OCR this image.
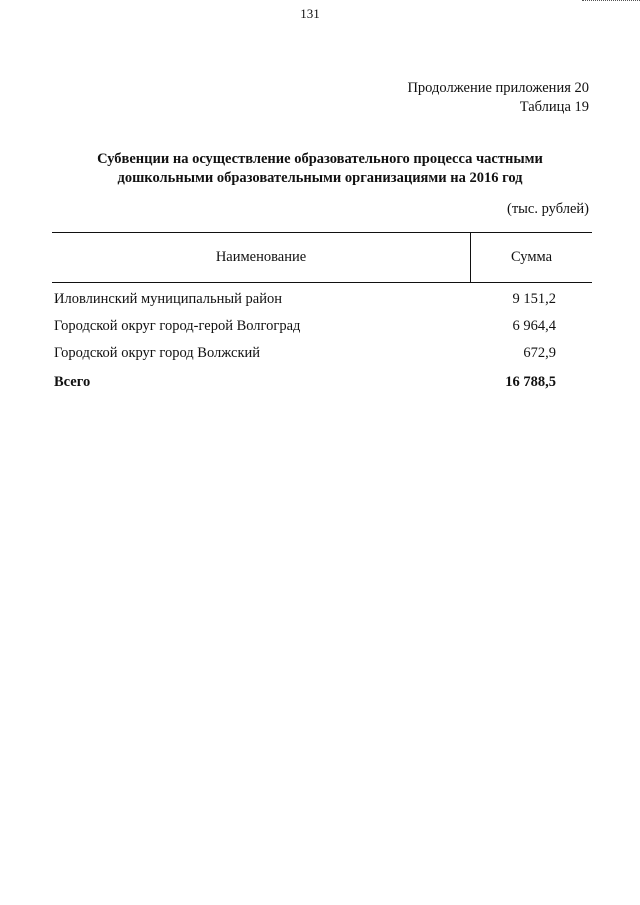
131
Продолжение приложения 20
Таблица 19
Субвенции на осуществление образовательного процесса частными
дошкольными образовательными организациями на 2016 год
(тыс. рублей)
Наименование	Сумма
Иловлинский муниципальный район	9 151,2
Городской округ город-герой Волгоград	6 964,4
Городской округ город Волжский	672,9
Всего	16 788,5
